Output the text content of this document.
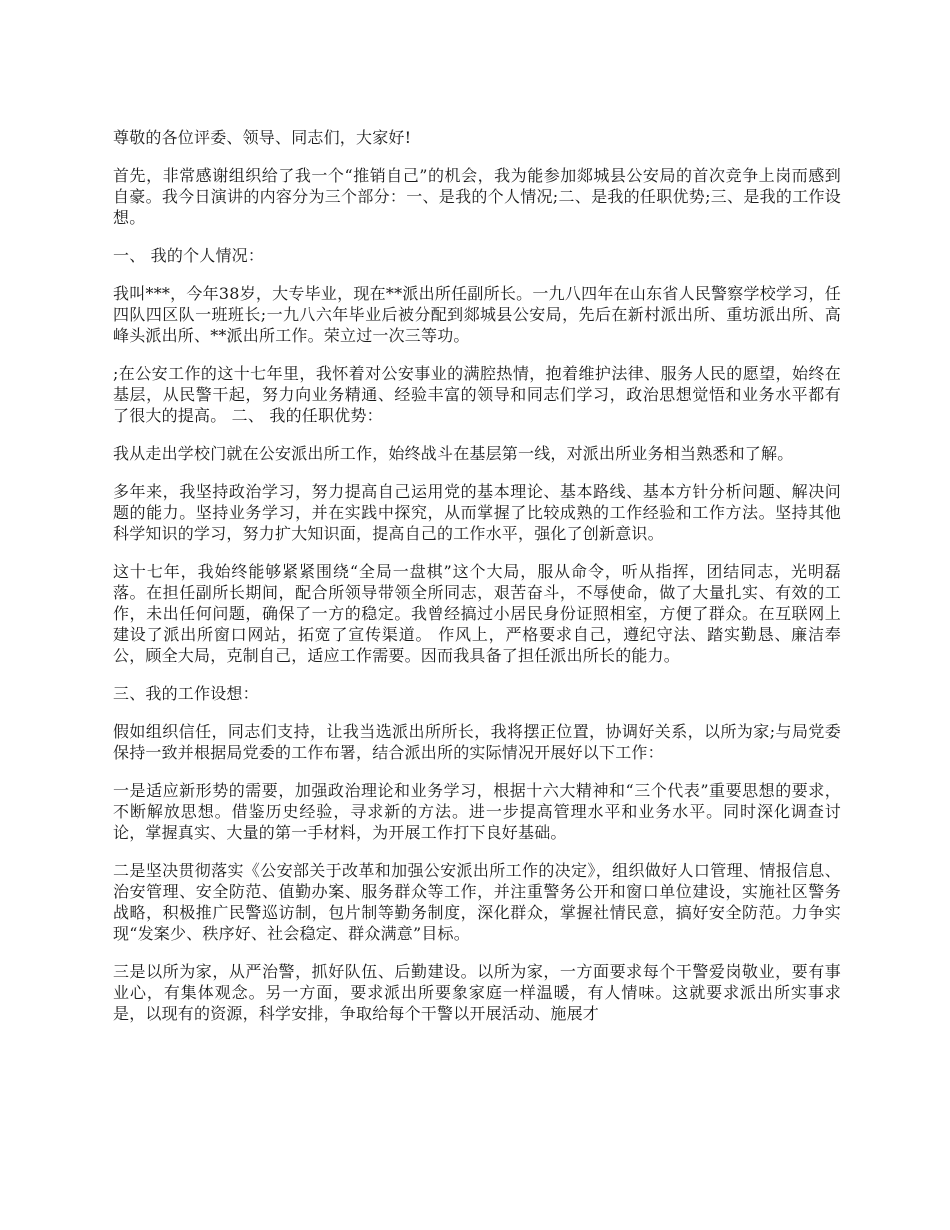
尊敬的各位评委、领导、同志们，大家好!

首先，非常感谢组织给了我一个“推销自己”的机会，我为能参加郯城县公安局的首次竞争上岗而感到自豪。我今日演讲的内容分为三个部分：一、是我的个人情况;二、是我的任职优势;三、是我的工作设想。

一、 我的个人情况：

我叫***，今年38岁，大专毕业，现在**派出所任副所长。一九八四年在山东省人民警察学校学习，任四队四区队一班班长;一九八六年毕业后被分配到郯城县公安局，先后在新村派出所、重坊派出所、高峰头派出所、**派出所工作。荣立过一次三等功。

;在公安工作的这十七年里，我怀着对公安事业的满腔热情，抱着维护法律、服务人民的愿望，始终在基层，从民警干起，努力向业务精通、经验丰富的领导和同志们学习，政治思想觉悟和业务水平都有了很大的提高。 二、 我的任职优势：

我从走出学校门就在公安派出所工作，始终战斗在基层第一线，对派出所业务相当熟悉和了解。

多年来，我坚持政治学习，努力提高自己运用党的基本理论、基本路线、基本方针分析问题、解决问题的能力。坚持业务学习，并在实践中探究，从而掌握了比较成熟的工作经验和工作方法。坚持其他科学知识的学习，努力扩大知识面，提高自己的工作水平，强化了创新意识。

这十七年，我始终能够紧紧围绕“全局一盘棋”这个大局，服从命令，听从指挥，团结同志，光明磊落。在担任副所长期间，配合所领导带领全所同志，艰苦奋斗，不辱使命，做了大量扎实、有效的工作，未出任何问题，确保了一方的稳定。我曾经搞过小居民身份证照相室，方便了群众。在互联网上建设了派出所窗口网站，拓宽了宣传渠道。 作风上，严格要求自己，遵纪守法、踏实勤恳、廉洁奉公，顾全大局，克制自己，适应工作需要。因而我具备了担任派出所长的能力。

三、我的工作设想：

假如组织信任，同志们支持，让我当选派出所所长，我将摆正位置，协调好关系，以所为家;与局党委保持一致并根据局党委的工作布署，结合派出所的实际情况开展好以下工作：

一是适应新形势的需要，加强政治理论和业务学习，根据十六大精神和“三个代表”重要思想的要求，不断解放思想。借鉴历史经验，寻求新的方法。进一步提高管理水平和业务水平。同时深化调查讨论，掌握真实、大量的第一手材料，为开展工作打下良好基础。

二是坚决贯彻落实《公安部关于改革和加强公安派出所工作的决定》，组织做好人口管理、情报信息、治安管理、安全防范、值勤办案、服务群众等工作，并注重警务公开和窗口单位建设，实施社区警务战略，积极推广民警巡访制，包片制等勤务制度，深化群众，掌握社情民意，搞好安全防范。力争实现“发案少、秩序好、社会稳定、群众满意”目标。

三是以所为家，从严治警，抓好队伍、后勤建设。以所为家，一方面要求每个干警爱岗敬业，要有事业心，有集体观念。另一方面，要求派出所要象家庭一样温暖，有人情味。这就要求派出所实事求是，以现有的资源，科学安排，争取给每个干警以开展活动、施展才
